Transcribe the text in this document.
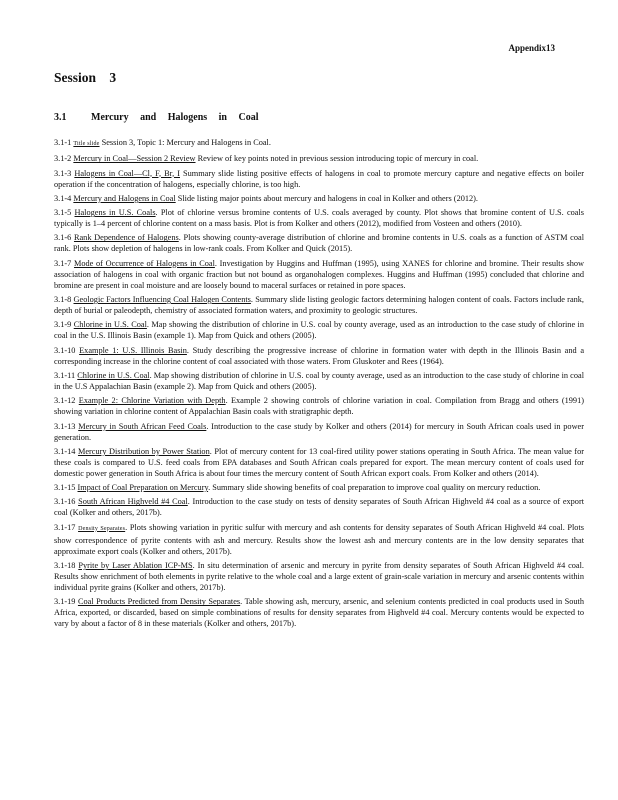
Appendix13
Session 3
3.1 Mercury and Halogens in Coal

3.1-1 Title slide Session 3, Topic 1: Mercury and Halogens in Coal.

3.1-2 Mercury in Coal—Session 2 Review Review of key points noted in previous session introducing topic of mercury in coal.

3.1-3 Halogens in Coal—Cl, F, Br, I Summary slide listing positive effects of halogens in coal to promote mercury capture and negative effects on boiler operation if the concentration of halogens, especially chlorine, is too high.

3.1-4 Mercury and Halogens in Coal Slide listing major points about mercury and halogens in coal in Kolker and others (2012).

3.1-5 Halogens in U.S. Coals. Plot of chlorine versus bromine contents of U.S. coals averaged by county. Plot shows that bromine content of U.S. coals typically is 1–4 percent of chlorine content on a mass basis. Plot is from Kolker and others (2012), modified from Vosteen and others (2010).

3.1-6 Rank Dependence of Halogens. Plots showing county-average distribution of chlorine and bromine contents in U.S. coals as a function of ASTM coal rank. Plots show depletion of halogens in low-rank coals. From Kolker and Quick (2015).

3.1-7 Mode of Occurrence of Halogens in Coal. Investigation by Huggins and Huffman (1995), using XANES for chlorine and bromine. Their results show association of halogens in coal with organic fraction but not bound as organohalogen complexes. Huggins and Huffman (1995) concluded that chlorine and bromine are present in coal moisture and are loosely bound to maceral surfaces or retained in pore spaces.

3.1-8 Geologic Factors Influencing Coal Halogen Contents. Summary slide listing geologic factors determining halogen content of coals. Factors include rank, depth of burial or paleodepth, chemistry of associated formation waters, and proximity to geologic structures.

3.1-9 Chlorine in U.S. Coal. Map showing the distribution of chlorine in U.S. coal by county average, used as an introduction to the case study of chlorine in coal in the U.S. Illinois Basin (example 1). Map from Quick and others (2005).

3.1-10 Example 1: U.S. Illinois Basin. Study describing the progressive increase of chlorine in formation water with depth in the Illinois Basin and a corresponding increase in the chlorine content of coal associated with those waters. From Gluskoter and Rees (1964).

3.1-11 Chlorine in U.S. Coal. Map showing distribution of chlorine in U.S. coal by county average, used as an introduction to the case study of chlorine in coal in the U.S Appalachian Basin (example 2). Map from Quick and others (2005).

3.1-12 Example 2: Chlorine Variation with Depth. Example 2 showing controls of chlorine variation in coal. Compilation from Bragg and others (1991) showing variation in chlorine content of Appalachian Basin coals with stratigraphic depth.

3.1-13 Mercury in South African Feed Coals. Introduction to the case study by Kolker and others (2014) for mercury in South African coals used in power generation.

3.1-14 Mercury Distribution by Power Station. Plot of mercury content for 13 coal-fired utility power stations operating in South Africa. The mean value for these coals is compared to U.S. feed coals from EPA databases and South African coals prepared for export. The mean mercury content of coals used for domestic power generation in South Africa is about four times the mercury content of South African export coals. From Kolker and others (2014).

3.1-15 Impact of Coal Preparation on Mercury. Summary slide showing benefits of coal preparation to improve coal quality on mercury reduction.

3.1-16 South African Highveld #4 Coal. Introduction to the case study on tests of density separates of South African Highveld #4 coal as a source of export coal (Kolker and others, 2017b).

3.1-17 Density Separates. Plots showing variation in pyritic sulfur with mercury and ash contents for density separates of South African Highveld #4 coal. Plots show correspondence of pyrite contents with ash and mercury. Results show the lowest ash and mercury contents are in the low density separates that approximate export coals (Kolker and others, 2017b).

3.1-18 Pyrite by Laser Ablation ICP-MS. In situ determination of arsenic and mercury in pyrite from density separates of South African Highveld #4 coal. Results show enrichment of both elements in pyrite relative to the whole coal and a large extent of grain-scale variation in mercury and arsenic contents within individual pyrite grains (Kolker and others, 2017b).

3.1-19 Coal Products Predicted from Density Separates. Table showing ash, mercury, arsenic, and selenium contents predicted in coal products used in South Africa, exported, or discarded, based on simple combinations of results for density separates from Highveld #4 coal. Mercury contents would be expected to vary by about a factor of 8 in these materials (Kolker and others, 2017b).
